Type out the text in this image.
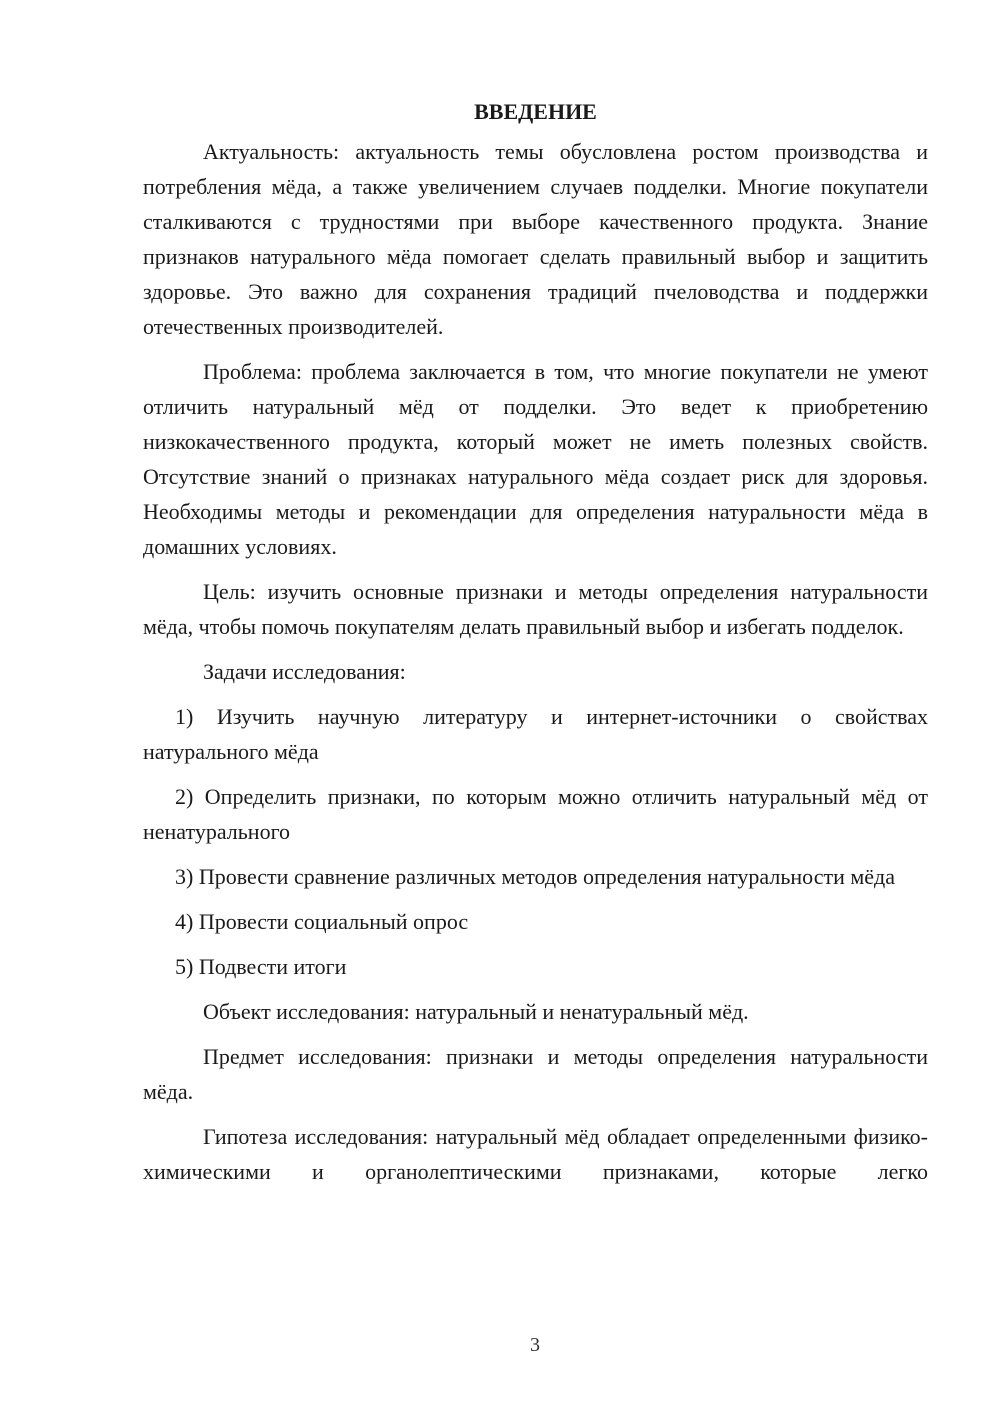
ВВЕДЕНИЕ

Актуальность: актуальность темы обусловлена ростом производства и потребления мёда, а также увеличением случаев подделки. Многие покупатели сталкиваются с трудностями при выборе качественного продукта. Знание признаков натурального мёда помогает сделать правильный выбор и защитить здоровье. Это важно для сохранения традиций пчеловодства и поддержки отечественных производителей.

Проблема: проблема заключается в том, что многие покупатели не умеют отличить натуральный мёд от подделки. Это ведет к приобретению низкокачественного продукта, который может не иметь полезных свойств. Отсутствие знаний о признаках натурального мёда создает риск для здоровья. Необходимы методы и рекомендации для определения натуральности мёда в домашних условиях.

Цель: изучить основные признаки и методы определения натуральности мёда, чтобы помочь покупателям делать правильный выбор и избегать подделок.

Задачи исследования:

1) Изучить научную литературу и интернет-источники о свойствах натурального мёда

2) Определить признаки, по которым можно отличить натуральный мёд от ненатурального

3) Провести сравнение различных методов определения натуральности мёда

4) Провести социальный опрос

5) Подвести итоги

Объект исследования: натуральный и ненатуральный мёд.

Предмет исследования: признаки и методы определения натуральности мёда.

Гипотеза исследования: натуральный мёд обладает определенными физико-химическими и органолептическими признаками, которые легко

3
